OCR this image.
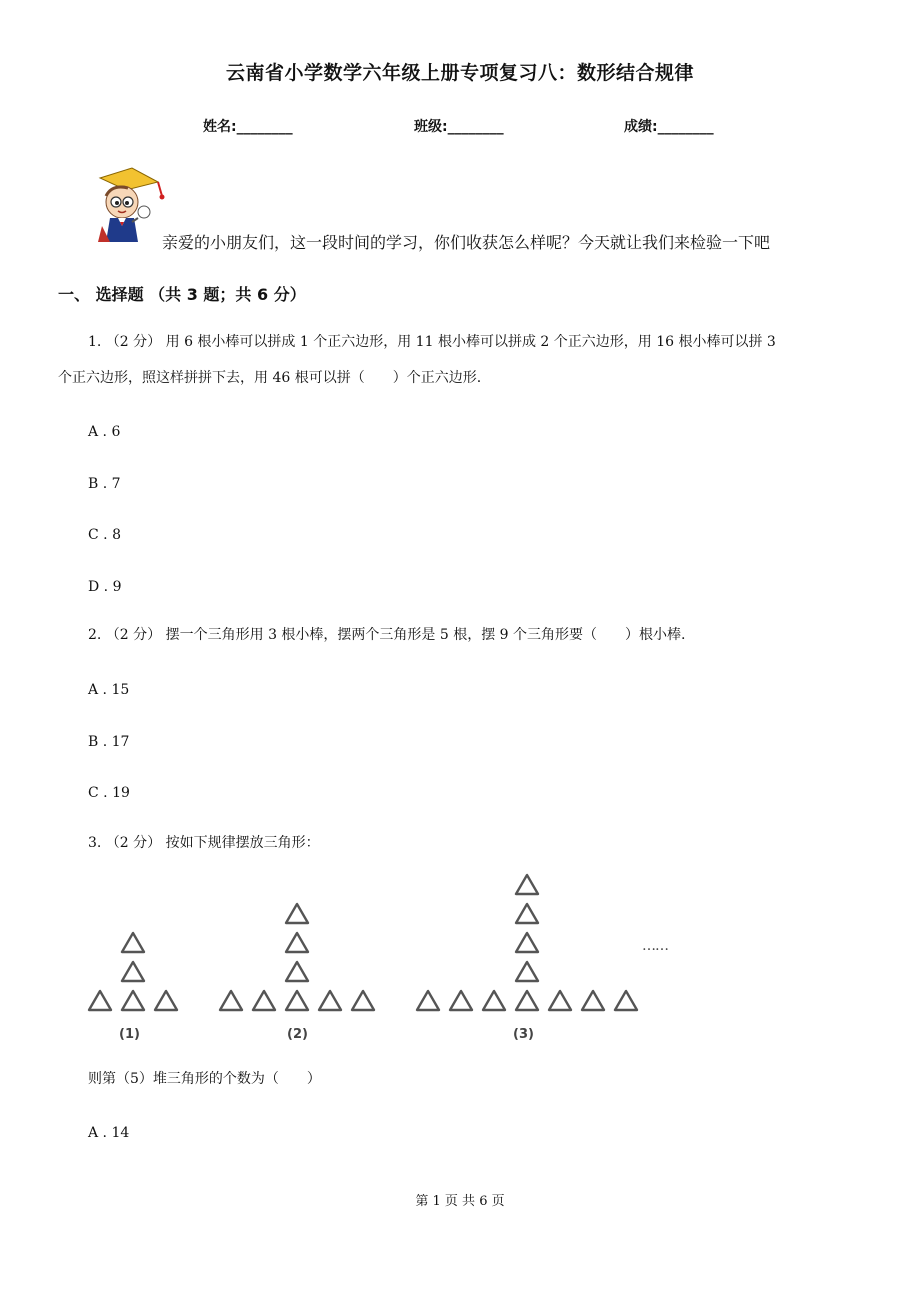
云南省小学数学六年级上册专项复习八：数形结合规律
姓名:________	班级:________	成绩:________
亲爱的小朋友们，这一段时间的学习，你们收获怎么样呢？今天就让我们来检验一下吧
一、 选择题 （共 3 题；共 6 分）
1. （2 分） 用 6 根小棒可以拼成 1 个正六边形，用 11 根小棒可以拼成 2 个正六边形，用 16 根小棒可以拼 3
个正六边形，照这样拼拼下去，用 46 根可以拼（　　）个正六边形.
A . 6
B . 7
C . 8
D . 9
2. （2 分） 摆一个三角形用 3 根小棒，摆两个三角形是 5 根，摆 9 个三角形要（　　）根小棒.
A . 15
B . 17
C . 19
3. （2 分） 按如下规律摆放三角形：
(1)	(2)	(3)
……
则第（5）堆三角形的个数为（　　）
A . 14
第 1 页 共 6 页
